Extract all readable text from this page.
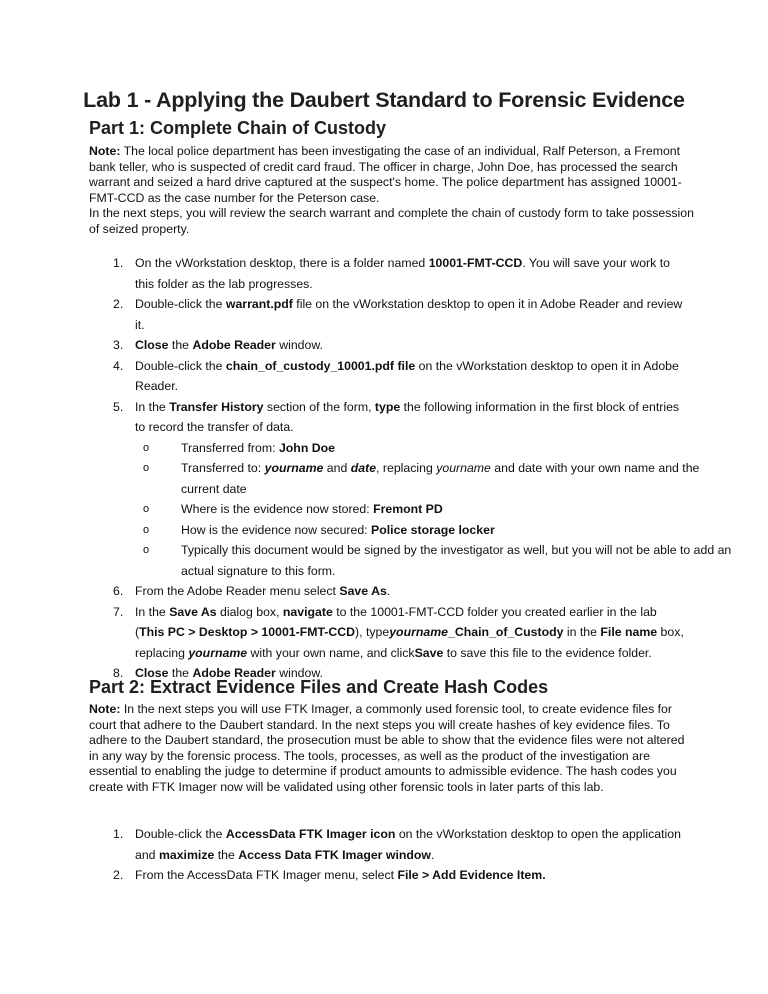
Lab 1 - Applying the Daubert Standard to Forensic Evidence
Part 1: Complete Chain of Custody

Note: The local police department has been investigating the case of an individual, Ralf Peterson, a Fremont bank teller, who is suspected of credit card fraud. The officer in charge, John Doe, has processed the search warrant and seized a hard drive captured at the suspect's home. The police department has assigned 10001-FMT-CCD as the case number for the Peterson case.

In the next steps, you will review the search warrant and complete the chain of custody form to take possession of seized property.

1. On the vWorkstation desktop, there is a folder named 10001-FMT-CCD. You will save your work to this folder as the lab progresses.
2. Double-click the warrant.pdf file on the vWorkstation desktop to open it in Adobe Reader and review it.
3. Close the Adobe Reader window.
4. Double-click the chain_of_custody_10001.pdf file on the vWorkstation desktop to open it in Adobe Reader.
5. In the Transfer History section of the form, type the following information in the first block of entries to record the transfer of data.
o	Transferred from: John Doe
o	Transferred to: yourname and date, replacing yourname and date with your own name and the current date
o	Where is the evidence now stored: Fremont PD
o	How is the evidence now secured: Police storage locker
o	Typically this document would be signed by the investigator as well, but you will not be able to add an actual signature to this form.
6. From the Adobe Reader menu select Save As.
7. In the Save As dialog box, navigate to the 10001-FMT-CCD folder you created earlier in the lab (This PC > Desktop > 10001-FMT-CCD), typeyourname_Chain_of_Custody in the File name box, replacing yourname with your own name, and clickSave to save this file to the evidence folder.
8. Close the Adobe Reader window.
Part 2: Extract Evidence Files and Create Hash Codes

Note: In the next steps you will use FTK Imager, a commonly used forensic tool, to create evidence files for court that adhere to the Daubert standard. In the next steps you will create hashes of key evidence files. To adhere to the Daubert standard, the prosecution must be able to show that the evidence files were not altered in any way by the forensic process. The tools, processes, as well as the product of the investigation are essential to enabling the judge to determine if product amounts to admissible evidence. The hash codes you create with FTK Imager now will be validated using other forensic tools in later parts of this lab.

1. Double-click the AccessData FTK Imager icon on the vWorkstation desktop to open the application and maximize the Access Data FTK Imager window.
2. From the AccessData FTK Imager menu, select File > Add Evidence Item.
